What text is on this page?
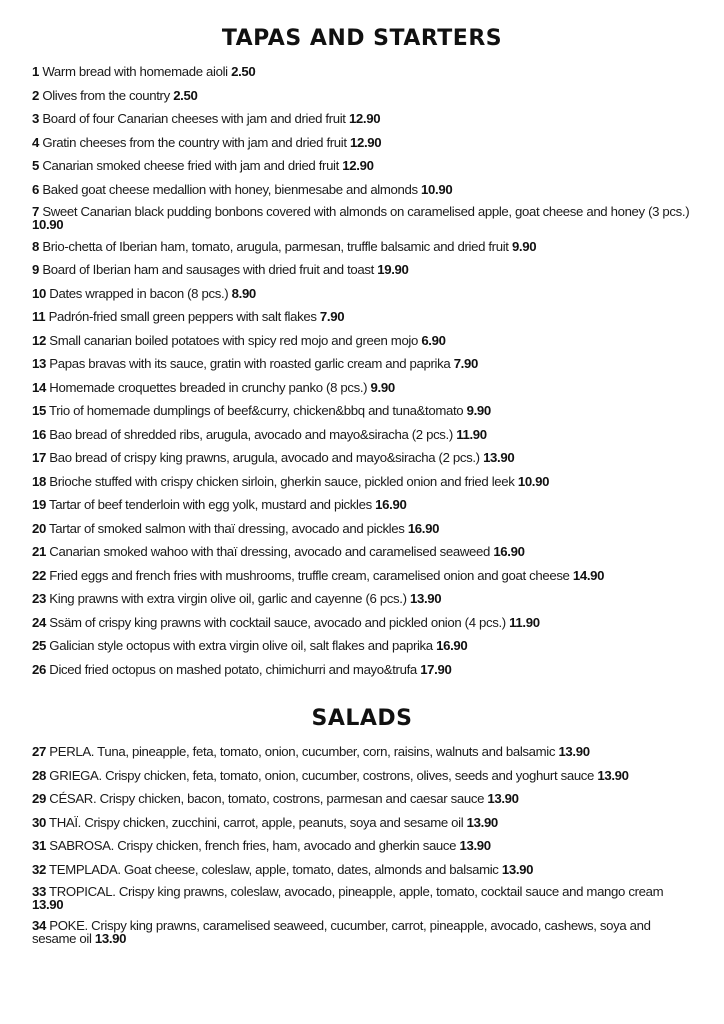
TAPAS AND STARTERS
1 Warm bread with homemade aioli 2.50
2 Olives from the country 2.50
3 Board of four Canarian cheeses with jam and dried fruit 12.90
4 Gratin cheeses from the country with jam and dried fruit 12.90
5 Canarian smoked cheese fried with jam and dried fruit 12.90
6 Baked goat cheese medallion with honey, bienmesabe and almonds 10.90
7 Sweet Canarian black pudding bonbons covered with almonds on caramelised apple, goat cheese and honey (3 pcs.) 10.90
8 Brio-chetta of Iberian ham, tomato, arugula, parmesan, truffle balsamic and dried fruit 9.90
9 Board of Iberian ham and sausages with dried fruit and toast 19.90
10 Dates wrapped in bacon (8 pcs.) 8.90
11 Padrón-fried small green peppers with salt flakes 7.90
12 Small canarian boiled potatoes with spicy red mojo and green mojo 6.90
13 Papas bravas with its sauce, gratin with roasted garlic cream and paprika 7.90
14 Homemade croquettes breaded in crunchy panko (8 pcs.) 9.90
15 Trio of homemade dumplings of beef&curry, chicken&bbq and tuna&tomato 9.90
16 Bao bread of shredded ribs, arugula, avocado and mayo&siracha (2 pcs.) 11.90
17 Bao bread of crispy king prawns, arugula, avocado and mayo&siracha (2 pcs.) 13.90
18 Brioche stuffed with crispy chicken sirloin, gherkin sauce, pickled onion and fried leek 10.90
19 Tartar of beef tenderloin with egg yolk, mustard and pickles 16.90
20 Tartar of smoked salmon with thaï dressing, avocado and pickles 16.90
21 Canarian smoked wahoo with thaï dressing, avocado and caramelised seaweed 16.90
22 Fried eggs and french fries with mushrooms, truffle cream, caramelised onion and goat cheese 14.90
23 King prawns with extra virgin olive oil, garlic and cayenne (6 pcs.) 13.90
24 Ssäm of crispy king prawns with cocktail sauce, avocado and pickled onion (4 pcs.) 11.90
25 Galician style octopus with extra virgin olive oil, salt flakes and paprika 16.90
26 Diced fried octopus on mashed potato, chimichurri and mayo&trufa 17.90
SALADS
27 PERLA. Tuna, pineapple, feta, tomato, onion, cucumber, corn, raisins, walnuts and balsamic 13.90
28 GRIEGA. Crispy chicken, feta, tomato, onion, cucumber, costrons, olives, seeds and yoghurt sauce 13.90
29 CÉSAR. Crispy chicken, bacon, tomato, costrons, parmesan and caesar sauce 13.90
30 THAÏ. Crispy chicken, zucchini, carrot, apple, peanuts, soya and sesame oil 13.90
31 SABROSA. Crispy chicken, french fries, ham, avocado and gherkin sauce 13.90
32 TEMPLADA. Goat cheese, coleslaw, apple, tomato, dates, almonds and balsamic 13.90
33 TROPICAL. Crispy king prawns, coleslaw, avocado, pineapple, apple, tomato, cocktail sauce and mango cream 13.90
34 POKE. Crispy king prawns, caramelised seaweed, cucumber, carrot, pineapple, avocado, cashews, soya and sesame oil 13.90
